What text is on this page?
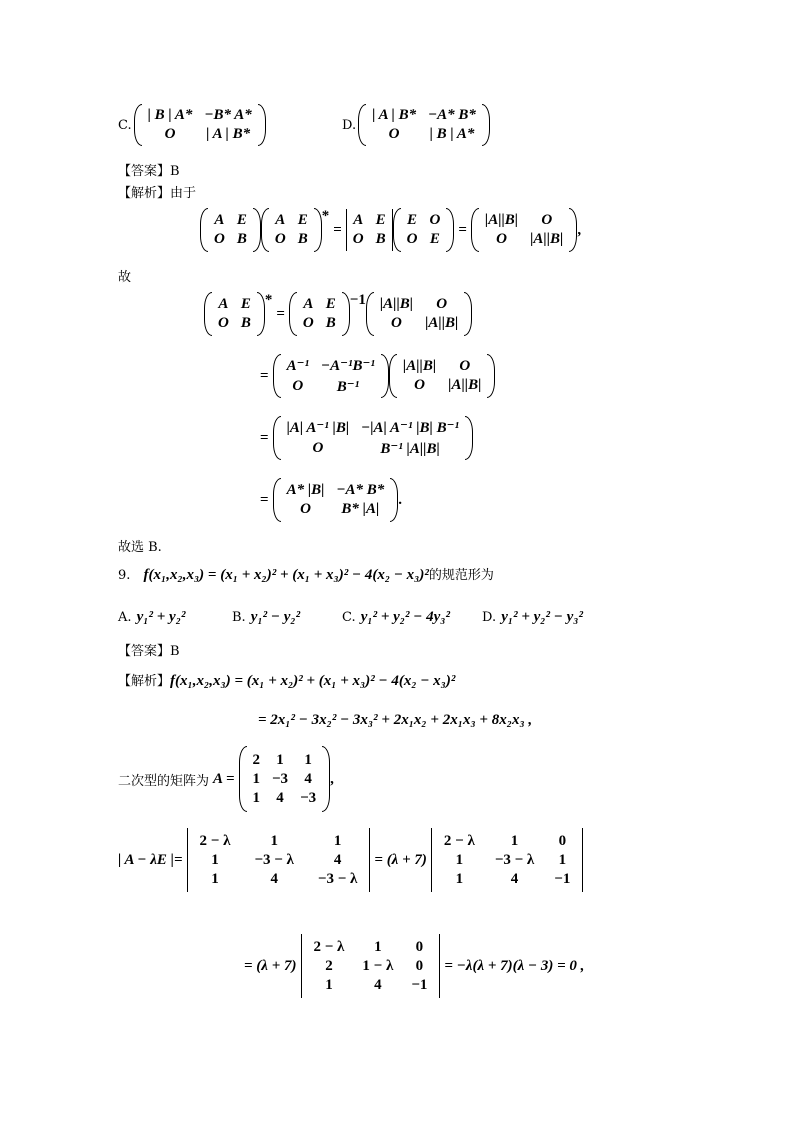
C.
| B | A*	−B* A*
O	| A | B*
D.
| A | B*	−A* B*
O	| B | A*
【答案】B
【解析】由于
A	E
O	B
A	E
O	B
*
=
A	E
O	B
E	O
O	E
=
|A||B|	O
O	|A||B|
,
故
A	E
O	B
*
=
A	E
O	B
−1 |A||B|	O
O	|A||B|
=
A⁻¹	−A⁻¹B⁻¹
O	B⁻¹
|A||B|	O
O	|A||B|
=
|A| A⁻¹ |B|	−|A| A⁻¹ |B| B⁻¹
O	B⁻¹ |A||B|
=
A* |B|	−A* B*
O	B* |A|
.
故选 B.
9. f(x₁,x₂,x₃) = (x₁ + x₂)² + (x₁ + x₃)² − 4(x₂ − x₃)²的规范形为
A. y₁² + y₂²	B. y₁² − y₂²	C. y₁² + y₂² − 4y₃² D. y₁² + y₂² − y₃²
【答案】B
【解析】f(x₁,x₂,x₃) = (x₁ + x₂)² + (x₁ + x₃)² − 4(x₂ − x₃)²
= 2x₁² − 3x₂² − 3x₃² + 2x₁x₂ + 2x₁x₃ + 8x₂x₃ ,
二次型的矩阵为 A =
2	1	1
1	−3	4
1	4	−3
,
| A − λE |=
2 − λ	1	1
1	−3 − λ	4
1	4	−3 − λ
= (λ + 7)
2 − λ	1	0
1	−3 − λ	1
1	4	−1
= (λ + 7)
2 − λ	1	0
2	1 − λ	0
1	4	−1
= −λ(λ + 7)(λ − 3) = 0 ,
